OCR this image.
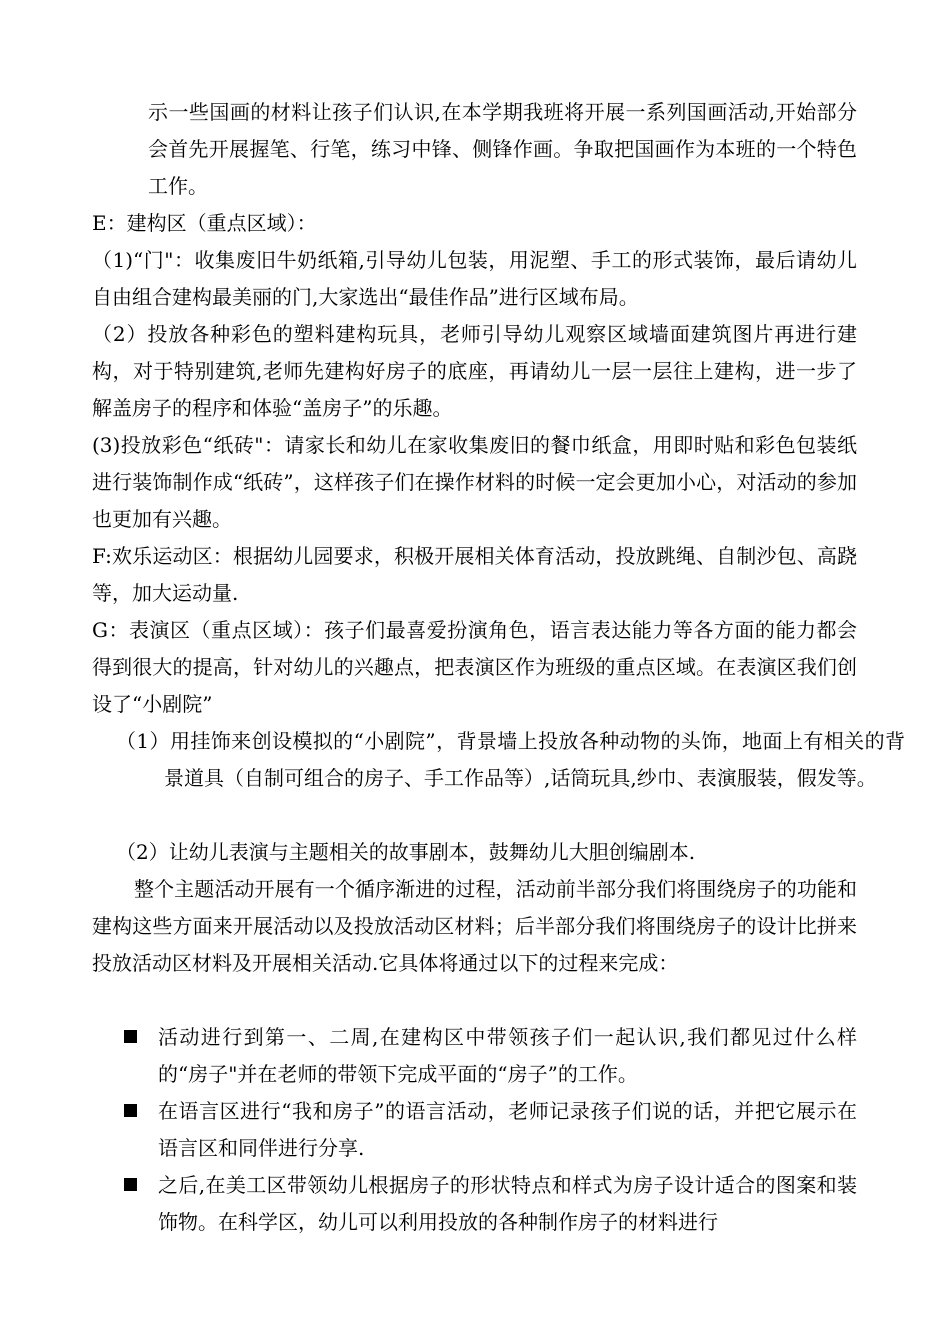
示一些国画的材料让孩子们认识,在本学期我班将开展一系列国画活动,开始部分会首先开展握笔、行笔，练习中锋、侧锋作画。争取把国画作为本班的一个特色工作。

E：建构区（重点区域）：

（1)“门"：收集废旧牛奶纸箱,引导幼儿包装，用泥塑、手工的形式装饰，最后请幼儿自由组合建构最美丽的门,大家选出“最佳作品”进行区域布局。

（2）投放各种彩色的塑料建构玩具，老师引导幼儿观察区域墙面建筑图片再进行建构，对于特别建筑,老师先建构好房子的底座，再请幼儿一层一层往上建构，进一步了解盖房子的程序和体验“盖房子”的乐趣。

(3)投放彩色“纸砖"：请家长和幼儿在家收集废旧的餐巾纸盒，用即时贴和彩色包装纸进行装饰制作成“纸砖”，这样孩子们在操作材料的时候一定会更加小心，对活动的参加也更加有兴趣。

F:欢乐运动区：根据幼儿园要求，积极开展相关体育活动，投放跳绳、自制沙包、高跷等，加大运动量.

G：表演区（重点区域）：孩子们最喜爱扮演角色，语言表达能力等各方面的能力都会得到很大的提高，针对幼儿的兴趣点，把表演区作为班级的重点区域。在表演区我们创设了“小剧院”

（1）用挂饰来创设模拟的“小剧院”，背景墙上投放各种动物的头饰，地面上有相关的背景道具（自制可组合的房子、手工作品等）,话筒玩具,纱巾、表演服装，假发等。

（2）让幼儿表演与主题相关的故事剧本，鼓舞幼儿大胆创编剧本.

整个主题活动开展有一个循序渐进的过程，活动前半部分我们将围绕房子的功能和建构这些方面来开展活动以及投放活动区材料；后半部分我们将围绕房子的设计比拼来投放活动区材料及开展相关活动.它具体将通过以下的过程来完成：

活动进行到第一、二周,在建构区中带领孩子们一起认识,我们都见过什么样的“房子"并在老师的带领下完成平面的“房子”的工作。
在语言区进行“我和房子”的语言活动，老师记录孩子们说的话，并把它展示在语言区和同伴进行分享.
之后,在美工区带领幼儿根据房子的形状特点和样式为房子设计适合的图案和装饰物。在科学区，幼儿可以利用投放的各种制作房子的材料进行
